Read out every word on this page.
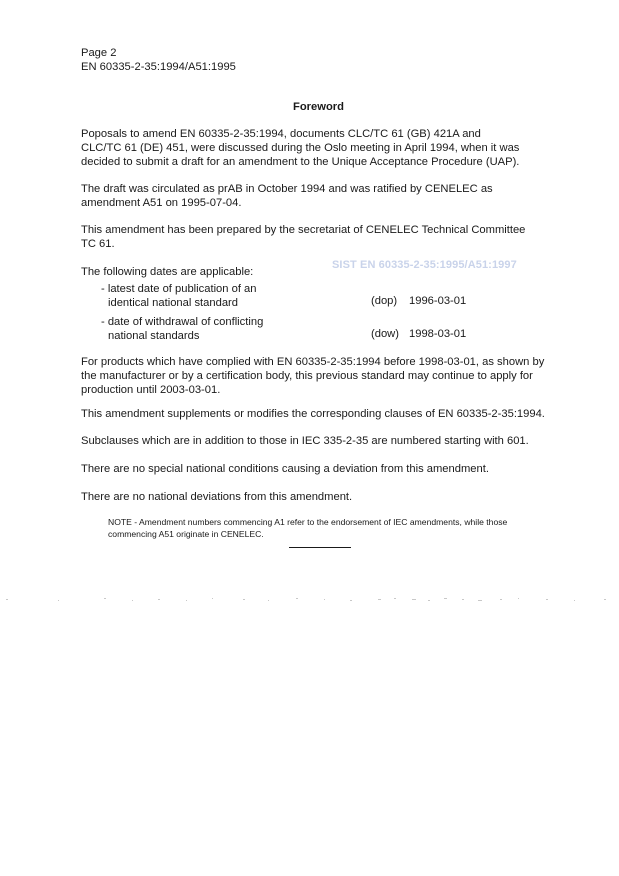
Page 2
EN 60335-2-35:1994/A51:1995
Foreword
Poposals to amend EN 60335-2-35:1994, documents CLC/TC 61 (GB) 421A and
CLC/TC 61 (DE) 451, were discussed during the Oslo meeting in April 1994, when it was
decided to submit a draft for an amendment to the Unique Acceptance Procedure (UAP).
The draft was circulated as prAB in October 1994 and was ratified by CENELEC as
amendment A51 on 1995-07-04.
This amendment has been prepared by the secretariat of CENELEC Technical Committee
TC 61.
SIST EN 60335-2-35:1995/A51:1997
The following dates are applicable:
- latest date of publication of an
identical national standard	(dop) 1996-03-01
- date of withdrawal of conflicting
national standards	(dow) 1998-03-01
For products which have complied with EN 60335-2-35:1994 before 1998-03-01, as shown by
the manufacturer or by a certification body, this previous standard may continue to apply for
production until 2003-03-01.
This amendment supplements or modifies the corresponding clauses of EN 60335-2-35:1994.
Subclauses which are in addition to those in IEC 335-2-35 are numbered starting with 601.
There are no special national conditions causing a deviation from this amendment.
There are no national deviations from this amendment.
NOTE - Amendment numbers commencing A1 refer to the endorsement of IEC amendments, while those
commencing A51 originate in CENELEC.
